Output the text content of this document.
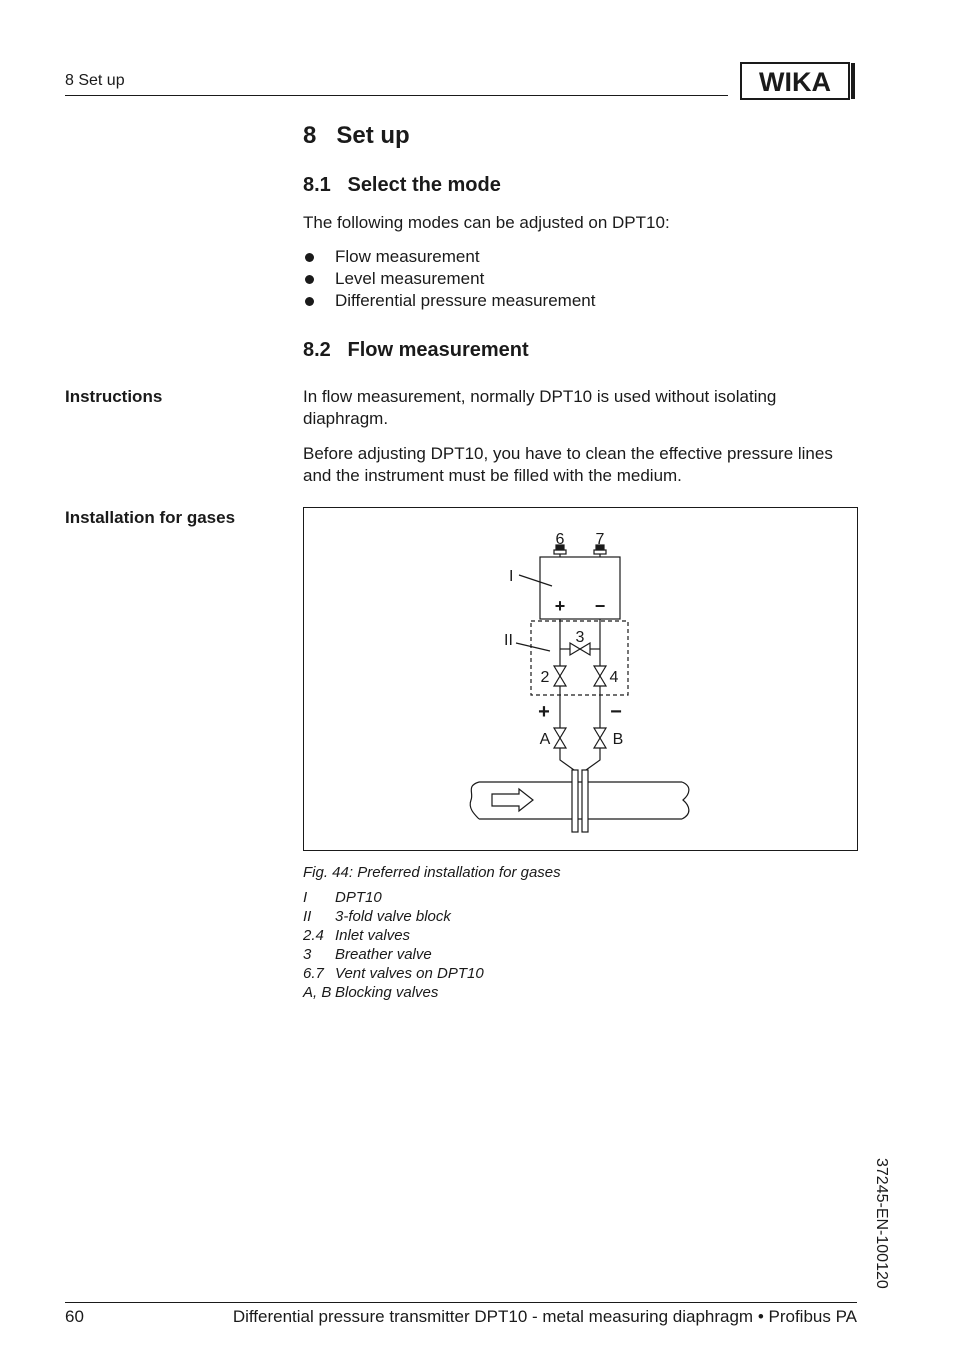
8 Set up	WIKA
8   Set up
8.1   Select the mode
The following modes can be adjusted on DPT10:
Flow measurement
Level measurement
Differential pressure measurement
8.2   Flow measurement
Instructions	In flow measurement, normally DPT10 is used without isolating diaphragm.
Before adjusting DPT10, you have to clean the effective pressure lines and the instrument must be filled with the medium.
Installation for gases
6 7
+ −
I
II	3
2	4
+	−
A	B
Fig. 44: Preferred installation for gases
I	DPT10
II	3-fold valve block
2.4 Inlet valves
3	Breather valve
6.7 Vent valves on DPT10
A, B Blocking valves
37245-EN-100120
60	Differential pressure transmitter DPT10 - metal measuring diaphragm • Profibus PA
